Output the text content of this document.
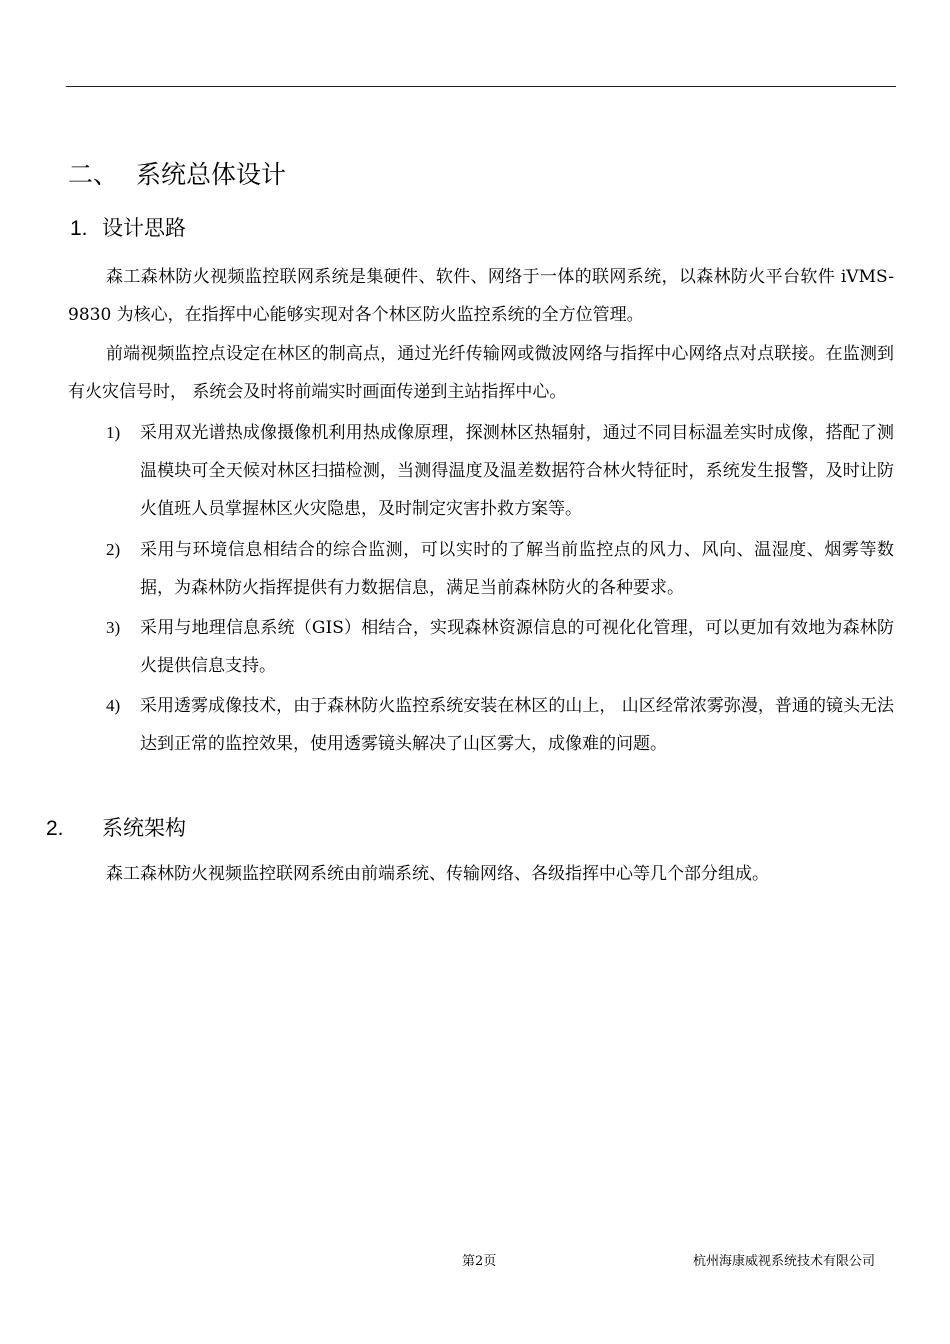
二、 系统总体设计
1. 设计思路

森工森林防火视频监控联网系统是集硬件、软件、网络于一体的联网系统，以森林防火平台软件 iVMS-9830 为核心，在指挥中心能够实现对各个林区防火监控系统的全方位管理。

前端视频监控点设定在林区的制高点，通过光纤传输网或微波网络与指挥中心网络点对点联接。在监测到有火灾信号时， 系统会及时将前端实时画面传递到主站指挥中心。

1)	采用双光谱热成像摄像机利用热成像原理，探测林区热辐射，通过不同目标温差实时成像，搭配了测温模块可全天候对林区扫描检测，当测得温度及温差数据符合林火特征时，系统发生报警，及时让防火值班人员掌握林区火灾隐患，及时制定灾害扑救方案等。

2)	采用与环境信息相结合的综合监测，可以实时的了解当前监控点的风力、风向、温湿度、烟雾等数据，为森林防火指挥提供有力数据信息，满足当前森林防火的各种要求。

3)	采用与地理信息系统（GIS）相结合，实现森林资源信息的可视化化管理，可以更加有效地为森林防火提供信息支持。

4)	采用透雾成像技术，由于森林防火监控系统安装在林区的山上， 山区经常浓雾弥漫，普通的镜头无法达到正常的监控效果，使用透雾镜头解决了山区雾大，成像难的问题。

2. 系统架构

森工森林防火视频监控联网系统由前端系统、传输网络、各级指挥中心等几个部分组成。

第2页	杭州海康威视系统技术有限公司
